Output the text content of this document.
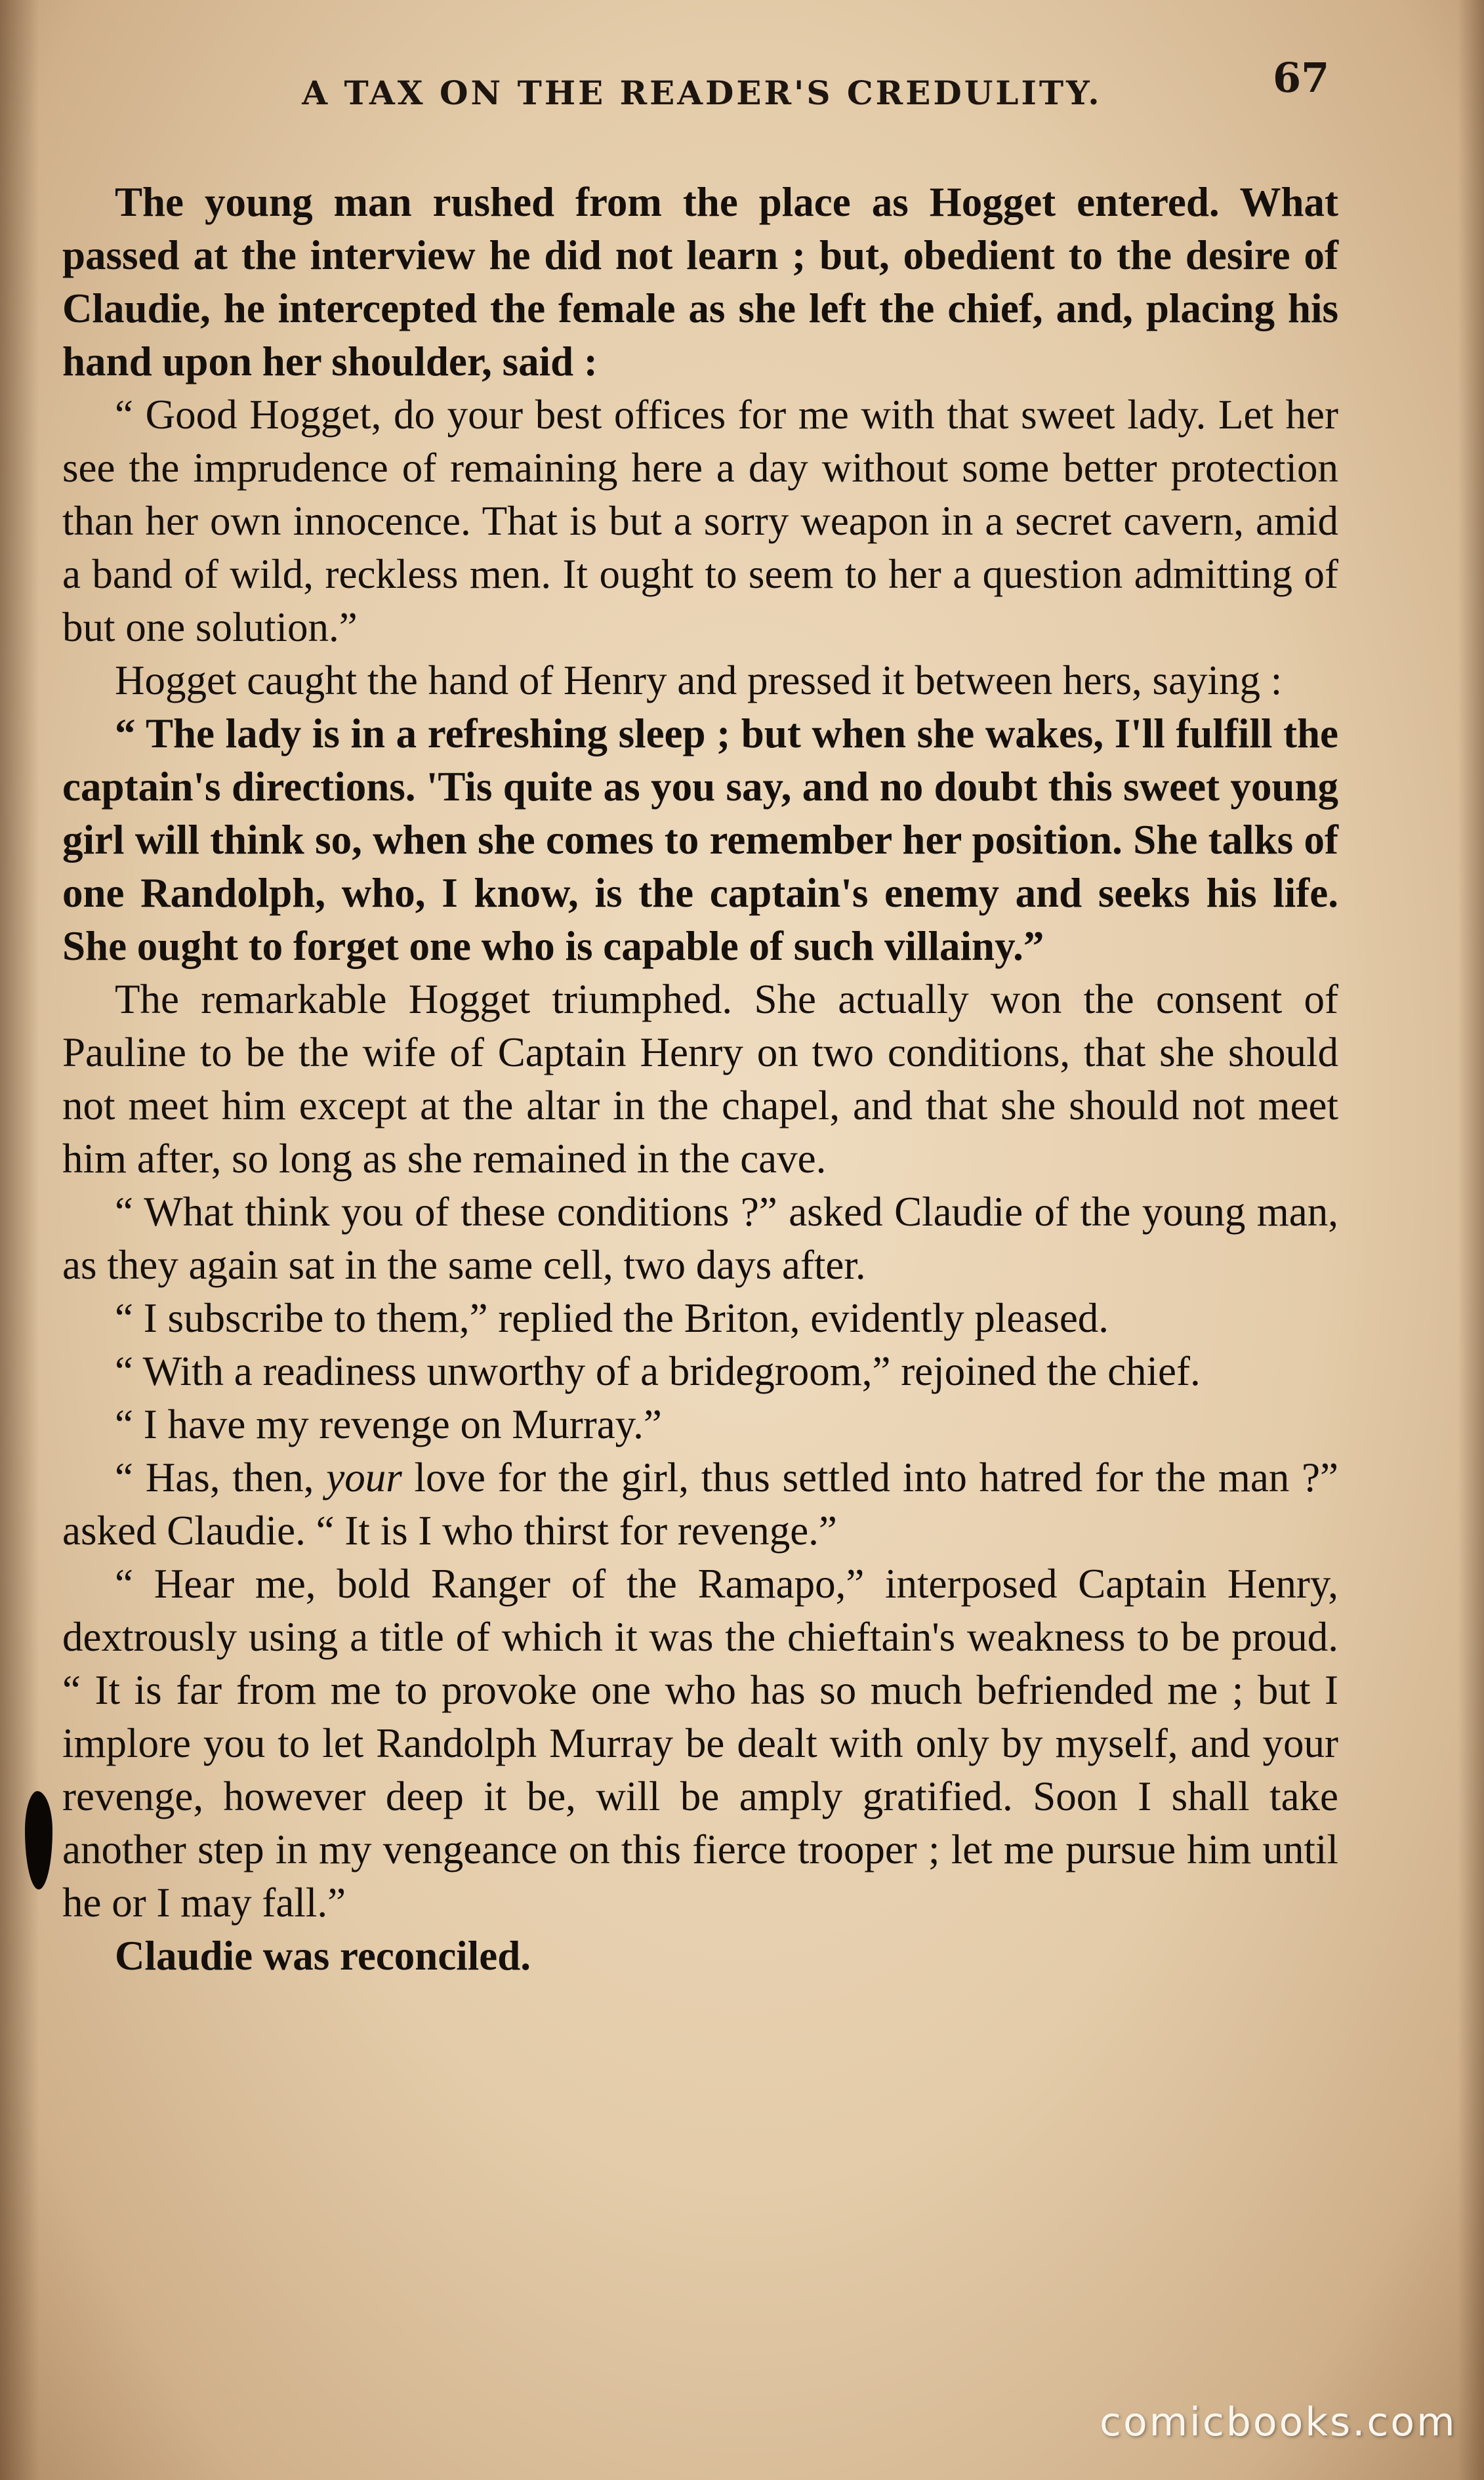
A TAX ON THE READER'S CREDULITY.	67

The young man rushed from the place as Hogget entered. What passed at the interview he did not learn ; but, obedient to the desire of Claudie, he intercepted the female as she left the chief, and, placing his hand upon her shoulder, said :

“ Good Hogget, do your best offices for me with that sweet lady. Let her see the imprudence of remaining here a day without some better protection than her own innocence. That is but a sorry weapon in a secret cavern, amid a band of wild, reckless men. It ought to seem to her a question admitting of but one solution.”

Hogget caught the hand of Henry and pressed it between hers, saying :

“ The lady is in a refreshing sleep ; but when she wakes, I'll fulfill the captain's directions. 'Tis quite as you say, and no doubt this sweet young girl will think so, when she comes to remember her position. She talks of one Randolph, who, I know, is the captain's enemy and seeks his life. She ought to forget one who is capable of such villainy.”

The remarkable Hogget triumphed. She actually won the consent of Pauline to be the wife of Captain Henry on two conditions, that she should not meet him except at the altar in the chapel, and that she should not meet him after, so long as she remained in the cave.

“ What think you of these conditions ?” asked Claudie of the young man, as they again sat in the same cell, two days after.

“ I subscribe to them,” replied the Briton, evidently pleased.

“ With a readiness unworthy of a bridegroom,” rejoined the chief.

“ I have my revenge on Murray.”

“ Has, then, your love for the girl, thus settled into hatred for the man ?” asked Claudie. “ It is I who thirst for revenge.”

“ Hear me, bold Ranger of the Ramapo,” interposed Captain Henry, dextrously using a title of which it was the chieftain's weakness to be proud. “ It is far from me to provoke one who has so much befriended me ; but I implore you to let Randolph Murray be dealt with only by myself, and your revenge, however deep it be, will be amply gratified. Soon I shall take another step in my vengeance on this fierce trooper ; let me pursue him until he or I may fall.”

Claudie was reconciled.

comicbooks.com
